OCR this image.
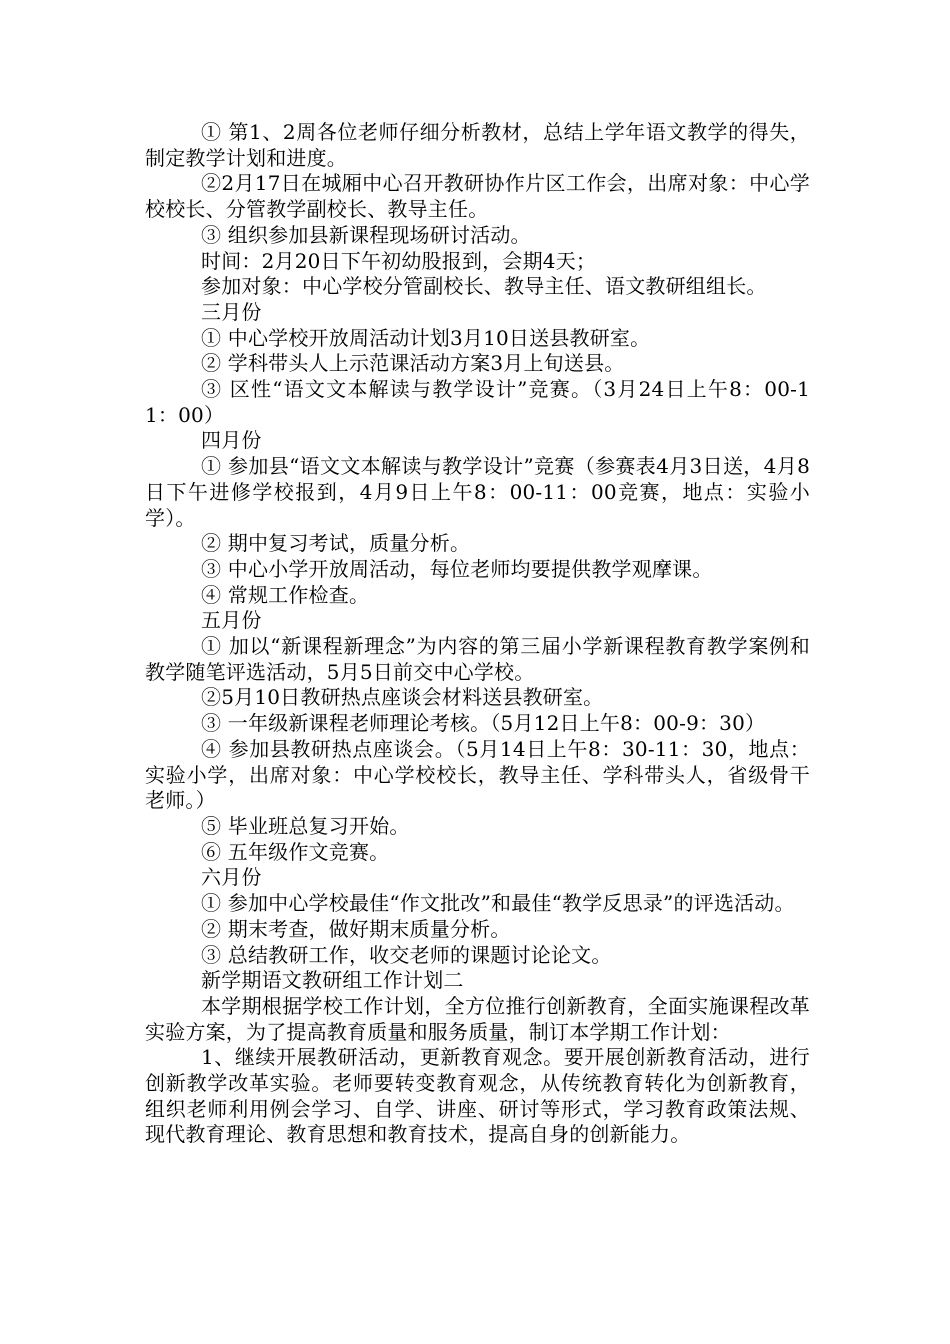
① 第1、2周各位老师仔细分析教材，总结上学年语文教学的得失，制定教学计划和进度。

②2月17日在城厢中心召开教研协作片区工作会，出席对象：中心学校校长、分管教学副校长、教导主任。

③ 组织参加县新课程现场研讨活动。

时间：2月20日下午初幼股报到，会期4天；

参加对象：中心学校分管副校长、教导主任、语文教研组组长。

三月份

① 中心学校开放周活动计划3月10日送县教研室。

② 学科带头人上示范课活动方案3月上旬送县。

③ 区性“语文文本解读与教学设计”竞赛。（3月24日上午8：00-11：00）

四月份

① 参加县“语文文本解读与教学设计”竞赛（参赛表4月3日送，4月8日下午进修学校报到，4月9日上午8：00-11：00竞赛，地点：实验小学）。

② 期中复习考试，质量分析。

③ 中心小学开放周活动，每位老师均要提供教学观摩课。

④ 常规工作检查。

五月份

① 加以“新课程新理念”为内容的第三届小学新课程教育教学案例和教学随笔评选活动，5月5日前交中心学校。

②5月10日教研热点座谈会材料送县教研室。

③ 一年级新课程老师理论考核。（5月12日上午8：00-9：30）

④ 参加县教研热点座谈会。（5月14日上午8：30-11：30，地点：实验小学，出席对象：中心学校校长，教导主任、学科带头人，省级骨干老师。）

⑤ 毕业班总复习开始。

⑥ 五年级作文竞赛。

六月份

① 参加中心学校最佳“作文批改”和最佳“教学反思录”的评选活动。

② 期末考查，做好期末质量分析。

③ 总结教研工作，收交老师的课题讨论论文。

新学期语文教研组工作计划二

本学期根据学校工作计划，全方位推行创新教育，全面实施课程改革实验方案，为了提高教育质量和服务质量，制订本学期工作计划：

1、继续开展教研活动，更新教育观念。要开展创新教育活动，进行创新教学改革实验。老师要转变教育观念，从传统教育转化为创新教育，组织老师利用例会学习、自学、讲座、研讨等形式，学习教育政策法规、现代教育理论、教育思想和教育技术，提高自身的创新能力。
